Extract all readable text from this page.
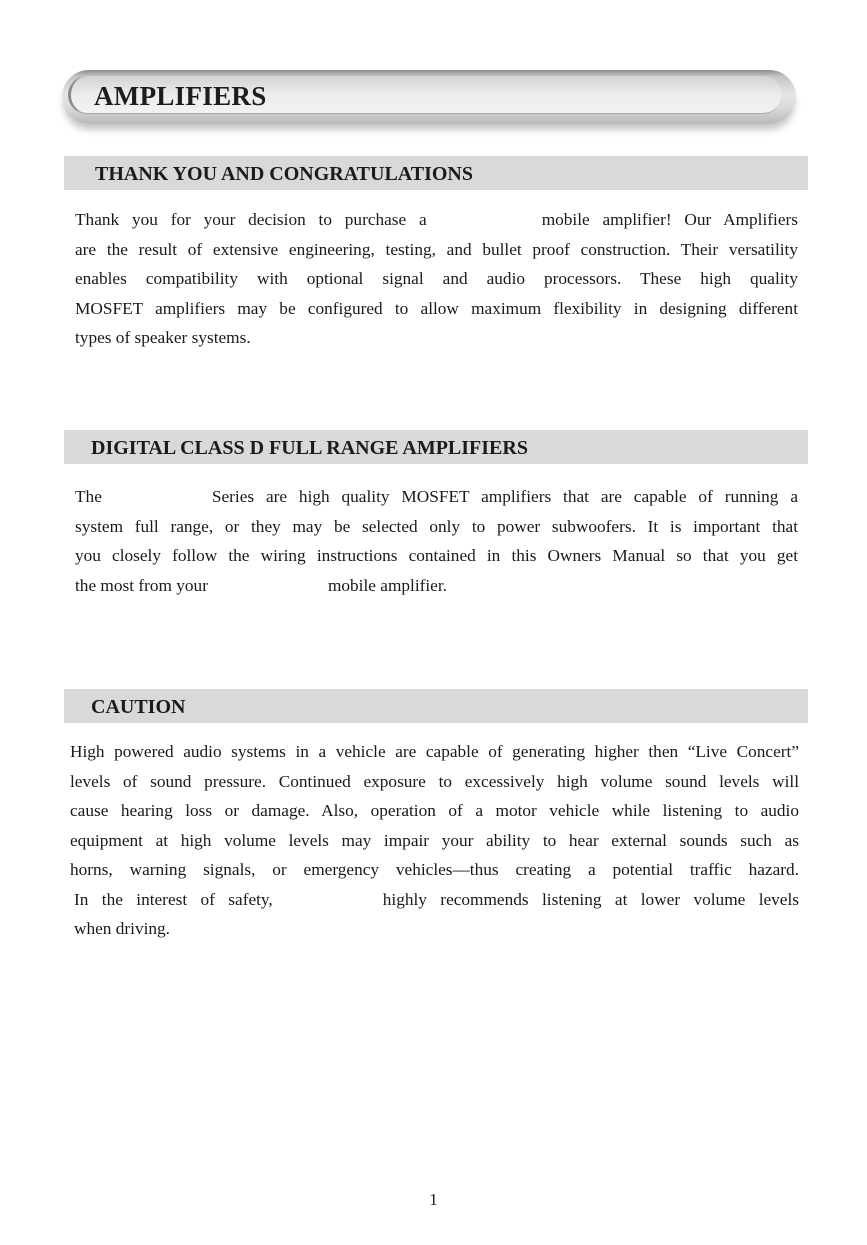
AMPLIFIERS
THANK YOU AND CONGRATULATIONS
Thank you for your decision to purchase a	mobile amplifier! Our Amplifiers
are the result of extensive engineering, testing, and bullet proof construction. Their versatility
enables compatibility with optional signal and audio processors. These high quality
MOSFET amplifiers may be configured to allow maximum flexibility in designing different
types of speaker systems.
DIGITAL CLASS D FULL RANGE AMPLIFIERS
The	Series are high quality MOSFET amplifiers that are capable of running a
system full range, or they may be selected only to power subwoofers. It is important that
you closely follow the wiring instructions contained in this Owners Manual so that you get
the most from your	mobile amplifier.
CAUTION
High powered audio systems in a vehicle are capable of generating higher then “Live Concert”
levels of sound pressure. Continued exposure to excessively high volume sound levels will
cause hearing loss or damage. Also, operation of a motor vehicle while listening to audio
equipment at high volume levels may impair your ability to hear external sounds such as
horns, warning signals, or emergency vehicles—thus creating a potential traffic hazard.
In the interest of safety,	highly recommends listening at lower volume levels
when driving.
1
